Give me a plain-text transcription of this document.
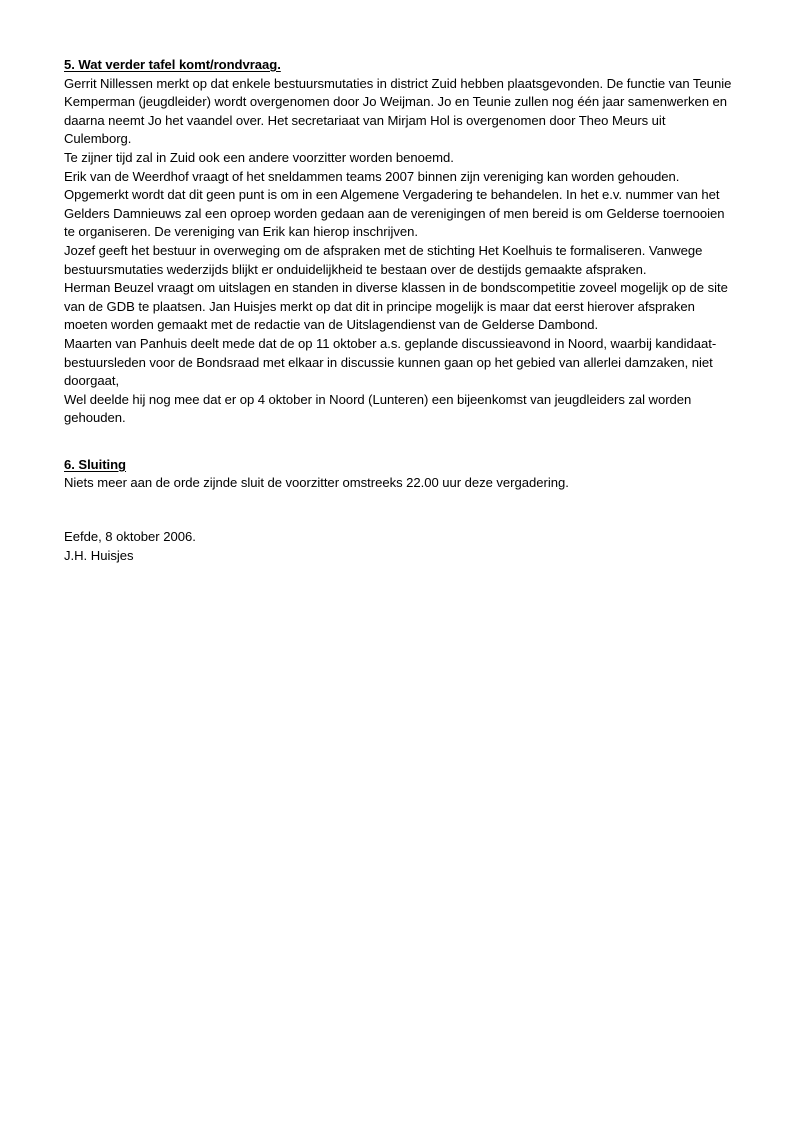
5. Wat verder tafel komt/rondvraag.

Gerrit Nillessen merkt op dat enkele bestuursmutaties in district Zuid hebben plaatsgevonden. De functie van Teunie Kemperman (jeugdleider) wordt overgenomen door Jo Weijman. Jo en Teunie zullen nog één jaar samenwerken en daarna neemt Jo het vaandel over. Het secretariaat van Mirjam Hol is overgenomen door Theo Meurs uit Culemborg.

Te zijner tijd zal in Zuid ook een andere voorzitter worden benoemd.

Erik van de Weerdhof vraagt of het sneldammen teams 2007 binnen zijn vereniging kan worden gehouden. Opgemerkt wordt dat dit geen punt is om in een Algemene Vergadering te behandelen. In het e.v. nummer van het Gelders Damnieuws zal een oproep worden gedaan aan de verenigingen of men bereid is om Gelderse toernooien te organiseren. De vereniging van Erik kan hierop inschrijven.

Jozef geeft het bestuur in overweging om de afspraken met de stichting Het Koelhuis te formaliseren. Vanwege bestuursmutaties wederzijds blijkt er onduidelijkheid te bestaan over de destijds gemaakte afspraken.

Herman Beuzel vraagt om uitslagen en standen in diverse klassen in de bondscompetitie zoveel mogelijk op de site van de GDB te plaatsen. Jan Huisjes merkt op dat dit in principe mogelijk is maar dat eerst hierover afspraken moeten worden gemaakt met de redactie van de Uitslagendienst van de Gelderse Dambond.

Maarten van Panhuis deelt mede dat de op 11 oktober a.s. geplande discussieavond in Noord, waarbij kandidaat-bestuursleden voor de Bondsraad met elkaar in discussie kunnen gaan op het gebied van allerlei damzaken, niet doorgaat,

Wel deelde hij nog mee dat er op 4 oktober in Noord (Lunteren) een bijeenkomst van jeugdleiders zal worden gehouden.

6. Sluiting

Niets meer aan de orde zijnde sluit de voorzitter omstreeks 22.00 uur deze vergadering.

Eefde, 8 oktober 2006.

J.H. Huisjes
